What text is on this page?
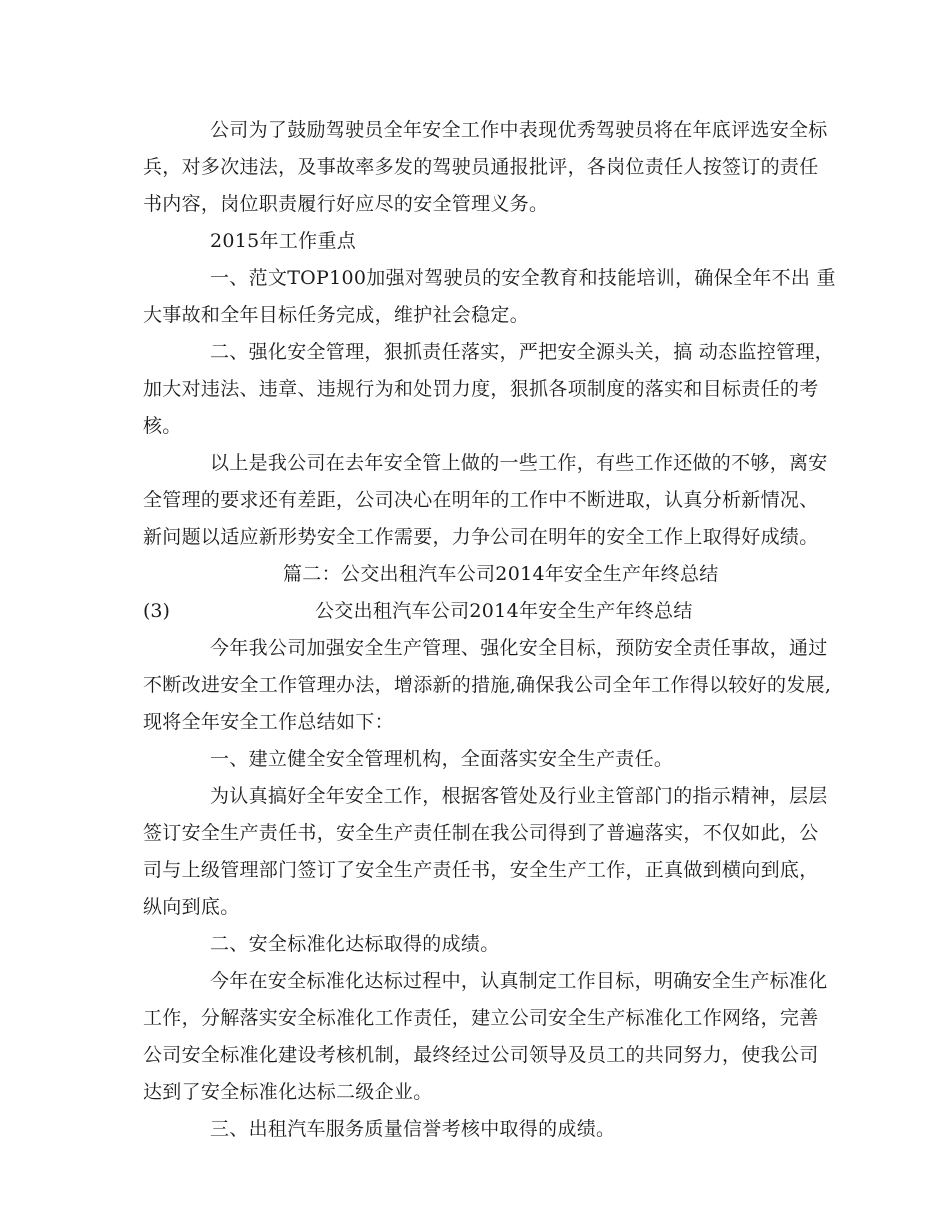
公司为了鼓励驾驶员全年安全工作中表现优秀驾驶员将在年底评选安全标
兵，对多次违法，及事故率多发的驾驶员通报批评，各岗位责任人按签订的责任
书内容，岗位职责履行好应尽的安全管理义务。
2015年工作重点
一、范文TOP100加强对驾驶员的安全教育和技能培训，确保全年不出 重
大事故和全年目标任务完成，维护社会稳定。
二、强化安全管理，狠抓责任落实，严把安全源头关，搞 动态监控管理，
加大对违法、违章、违规行为和处罚力度，狠抓各项制度的落实和目标责任的考
核。
以上是我公司在去年安全管上做的一些工作，有些工作还做的不够，离安
全管理的要求还有差距，公司决心在明年的工作中不断进取，认真分析新情况、
新问题以适应新形势安全工作需要，力争公司在明年的安全工作上取得好成绩。
篇二：公交出租汽车公司2014年安全生产年终总结
(3)	公交出租汽车公司2014年安全生产年终总结
今年我公司加强安全生产管理、强化安全目标，预防安全责任事故，通过
不断改进安全工作管理办法，增添新的措施,确保我公司全年工作得以较好的发展,
现将全年安全工作总结如下：
一、建立健全安全管理机构，全面落实安全生产责任。
为认真搞好全年安全工作，根据客管处及行业主管部门的指示精神，层层
签订安全生产责任书，安全生产责任制在我公司得到了普遍落实，不仅如此，公
司与上级管理部门签订了安全生产责任书，安全生产工作，正真做到横向到底，
纵向到底。
二、安全标准化达标取得的成绩。
今年在安全标准化达标过程中，认真制定工作目标，明确安全生产标准化
工作，分解落实安全标准化工作责任，建立公司安全生产标准化工作网络，完善
公司安全标准化建设考核机制，最终经过公司领导及员工的共同努力，使我公司
达到了安全标准化达标二级企业。
三、出租汽车服务质量信誉考核中取得的成绩。
